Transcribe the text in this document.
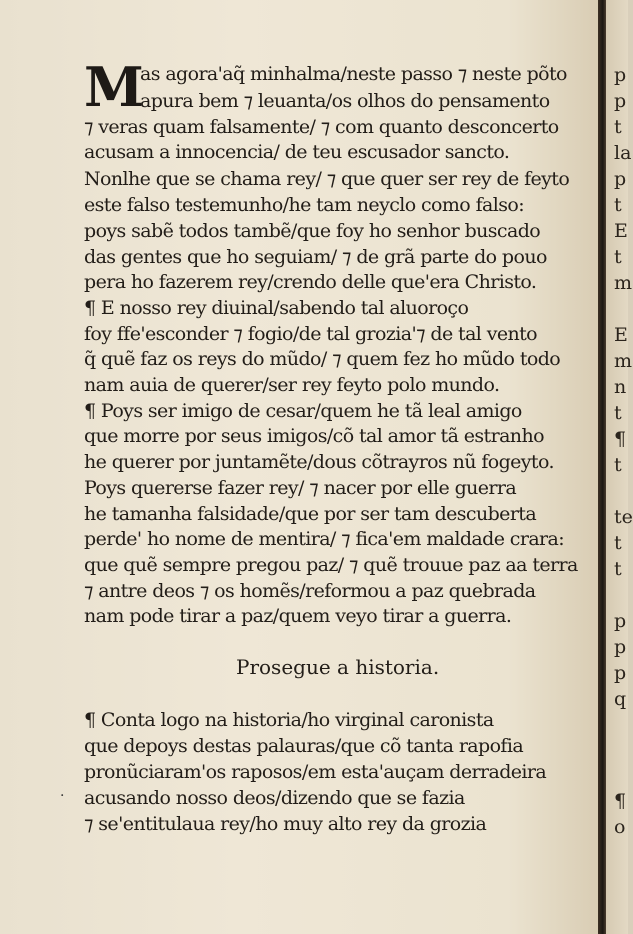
M
as agora'aq̃ minhalma/neste passo ⁊ neste põto
apura bem ⁊ leuanta/os olhos do pensamento
⁊ veras quam falsamente/ ⁊ com quanto desconcerto
acusam a innocencia/ de teu escusador sancto.
Nonlhe que se chama rey/ ⁊ que quer ser rey de feyto
este falso testemunho/he tam neyclo como falso:
poys sabẽ todos tambẽ/que foy ho senhor buscado
das gentes que ho seguiam/ ⁊ de grã parte do pouo
pera ho fazerem rey/crendo delle que'era Christo.
¶ E nosso rey diuinal/sabendo tal aluoroço
foy ffe'esconder ⁊ fogio/de tal grozia'⁊ de tal vento
q̃ quẽ faz os reys do mũdo/ ⁊ quem fez ho mũdo todo
nam auia de querer/ser rey feyto polo mundo.
¶ Poys ser imigo de cesar/quem he tã leal amigo
que morre por seus imigos/cõ tal amor tã estranho
he querer por juntamẽte/dous cõtrayros nũ fogeyto.
Poys quererse fazer rey/ ⁊ nacer por elle guerra
he tamanha falsidade/que por ser tam descuberta
perde' ho nome de mentira/ ⁊ fica'em maldade crara:
que quẽ sempre pregou paz/ ⁊ quẽ trouue paz aa terra
⁊ antre deos ⁊ os homẽs/reformou a paz quebrada
nam pode tirar a paz/quem veyo tirar a guerra.
Prosegue a historia.
¶ Conta logo na historia/ho virginal caronista
que depoys destas palauras/que cõ tanta rapofia
pronũciaram'os raposos/em esta'auçam derradeira
acusando nosso deos/dizendo que se fazia
⁊ se'entitulaua rey/ho muy alto rey da grozia
·
p
p
t
la
p
t
E
t
m
E
m
n
t
¶
t
te
t
t
p
p
p
q
¶
o
